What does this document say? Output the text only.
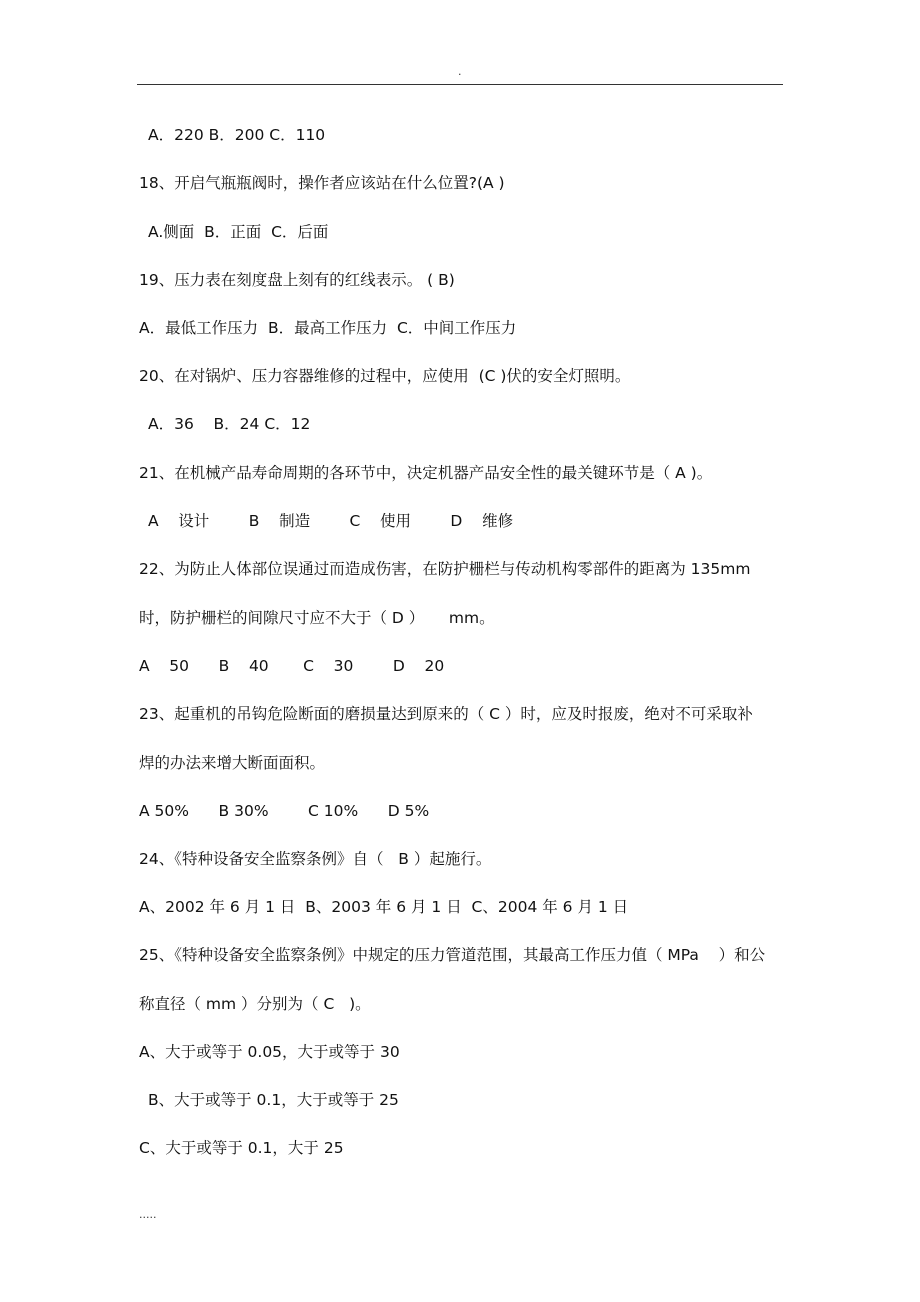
.
A．220 B．200 C．110
18、开启气瓶瓶阀时，操作者应该站在什么位置?(A )
A.侧面  B．正面  C．后面
19、压力表在刻度盘上刻有的红线表示。 ( B)
A．最低工作压力  B．最高工作压力  C．中间工作压力
20、在对锅炉、压力容器维修的过程中，应使用  (C )伏的安全灯照明。
A．36    B．24 C．12
21、在机械产品寿命周期的各环节中，决定机器产品安全性的最关键环节是（ A )。
A    设计        B    制造        C    使用        D    维修
22、为防止人体部位误通过而造成伤害，在防护栅栏与传动机构零部件的距离为 135mm
时，防护栅栏的间隙尺寸应不大于（ D ）     mm。
A    50      B    40       C    30        D    20
23、起重机的吊钩危险断面的磨损量达到原来的（ C ）时，应及时报废，绝对不可采取补
焊的办法来增大断面面积。
A 50%      B 30%        C 10%      D 5%
24、《特种设备安全监察条例》自（   B ）起施行。
A、2002 年 6 月 1 日  B、2003 年 6 月 1 日  C、2004 年 6 月 1 日
25、《特种设备安全监察条例》中规定的压力管道范围，其最高工作压力值（ MPa    ）和公
称直径（ mm ）分别为（ C   )。
A、大于或等于 0.05，大于或等于 30
B、大于或等于 0.1，大于或等于 25
C、大于或等于 0.1，大于 25
.....
